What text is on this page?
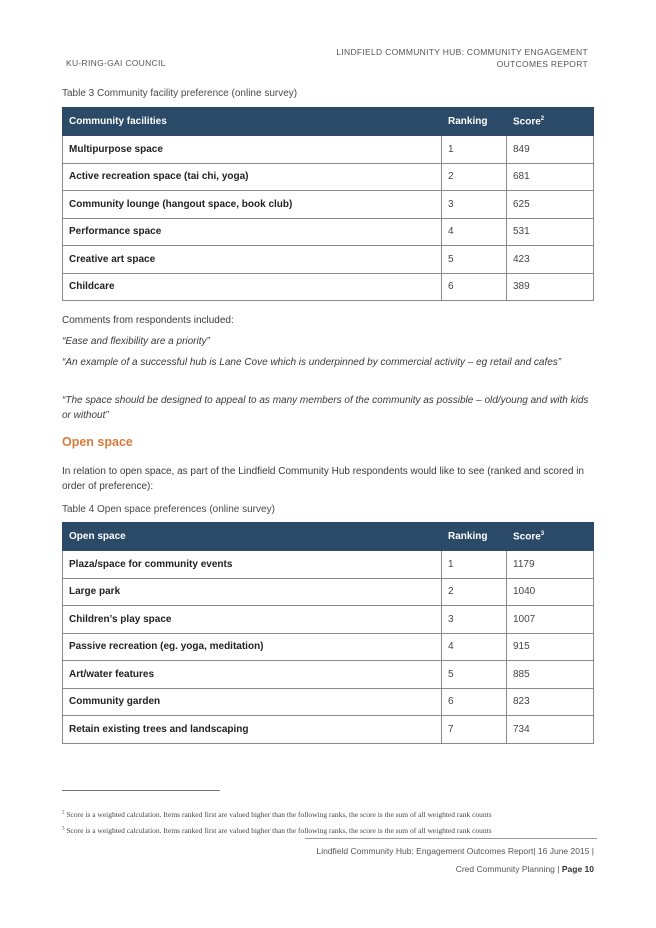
KU-RING-GAI COUNCIL
LINDFIELD COMMUNITY HUB: COMMUNITY ENGAGEMENT
OUTCOMES REPORT
Table 3 Community facility preference (online survey)
Community facilities	Ranking	Score$^2$
Multipurpose space	1	849
Active recreation space (tai chi, yoga)	2	681
Community lounge (hangout space, book club)	3	625
Performance space	4	531
Creative art space	5	423
Childcare	6	389
Comments from respondents included:
“Ease and flexibility are a priority”
“An example of a successful hub is Lane Cove which is underpinned by commercial activity – eg retail and cafes”
“The space should be designed to appeal to as many members of the community as possible – old/young and with kids or without”
Open space
In relation to open space, as part of the Lindfield Community Hub respondents would like to see (ranked and scored in order of preference):
Table 4 Open space preferences (online survey)
Open space	Ranking	Score$^3$
Plaza/space for community events	1	1179
Large park	2	1040
Children’s play space	3	1007
Passive recreation (eg. yoga, meditation)	4	915
Art/water features	5	885
Community garden	6	823
Retain existing trees and landscaping	7	734
$^2$ Score is a weighted calculation. Items ranked first are valued higher than the following ranks, the score is the sum of all weighted rank counts
$^3$ Score is a weighted calculation. Items ranked first are valued higher than the following ranks, the score is the sum of all weighted rank counts
Lindfield Community Hub: Engagement Outcomes Report| 16 June 2015 |
Cred Community Planning | Page 10
